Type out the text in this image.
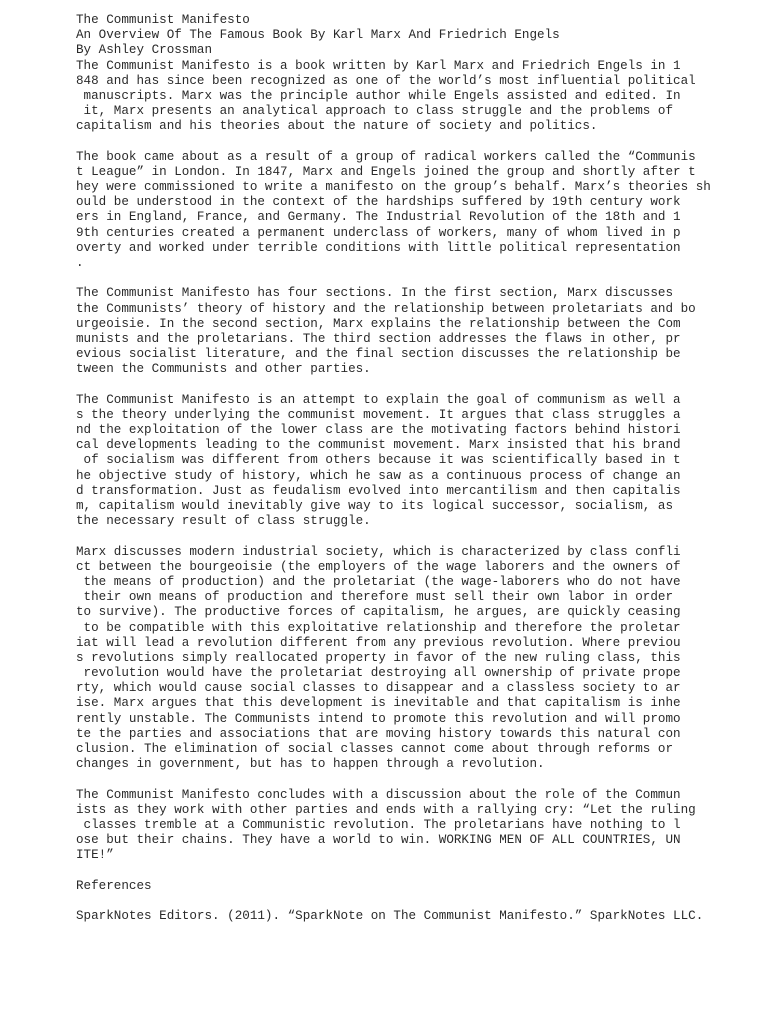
The Communist Manifesto
An Overview Of The Famous Book By Karl Marx And Friedrich Engels
By Ashley Crossman
The Communist Manifesto is a book written by Karl Marx and Friedrich Engels in 1
848 and has since been recognized as one of the world’s most influential political
manuscripts. Marx was the principle author while Engels assisted and edited. In
it, Marx presents an analytical approach to class struggle and the problems of
capitalism and his theories about the nature of society and politics.
The book came about as a result of a group of radical workers called the “Communis
t League” in London. In 1847, Marx and Engels joined the group and shortly after t
hey were commissioned to write a manifesto on the group’s behalf. Marx’s theories sh
ould be understood in the context of the hardships suffered by 19th century work
ers in England, France, and Germany. The Industrial Revolution of the 18th and 1
9th centuries created a permanent underclass of workers, many of whom lived in p
overty and worked under terrible conditions with little political representation
.
The Communist Manifesto has four sections. In the first section, Marx discusses
the Communists’ theory of history and the relationship between proletariats and bo
urgeoisie. In the second section, Marx explains the relationship between the Com
munists and the proletarians. The third section addresses the flaws in other, pr
evious socialist literature, and the final section discusses the relationship be
tween the Communists and other parties.
The Communist Manifesto is an attempt to explain the goal of communism as well a
s the theory underlying the communist movement. It argues that class struggles a
nd the exploitation of the lower class are the motivating factors behind histori
cal developments leading to the communist movement. Marx insisted that his brand
of socialism was different from others because it was scientifically based in t
he objective study of history, which he saw as a continuous process of change an
d transformation. Just as feudalism evolved into mercantilism and then capitalis
m, capitalism would inevitably give way to its logical successor, socialism, as
the necessary result of class struggle.
Marx discusses modern industrial society, which is characterized by class confli
ct between the bourgeoisie (the employers of the wage laborers and the owners of
the means of production) and the proletariat (the wage-laborers who do not have
their own means of production and therefore must sell their own labor in order
to survive). The productive forces of capitalism, he argues, are quickly ceasing
to be compatible with this exploitative relationship and therefore the proletar
iat will lead a revolution different from any previous revolution. Where previou
s revolutions simply reallocated property in favor of the new ruling class, this
revolution would have the proletariat destroying all ownership of private prope
rty, which would cause social classes to disappear and a classless society to ar
ise. Marx argues that this development is inevitable and that capitalism is inhe
rently unstable. The Communists intend to promote this revolution and will promo
te the parties and associations that are moving history towards this natural con
clusion. The elimination of social classes cannot come about through reforms or
changes in government, but has to happen through a revolution.
The Communist Manifesto concludes with a discussion about the role of the Commun
ists as they work with other parties and ends with a rallying cry: “Let the ruling
classes tremble at a Communistic revolution. The proletarians have nothing to l
ose but their chains. They have a world to win. WORKING MEN OF ALL COUNTRIES, UN
ITE!”
References
SparkNotes Editors. (2011). “SparkNote on The Communist Manifesto.” SparkNotes LLC.
